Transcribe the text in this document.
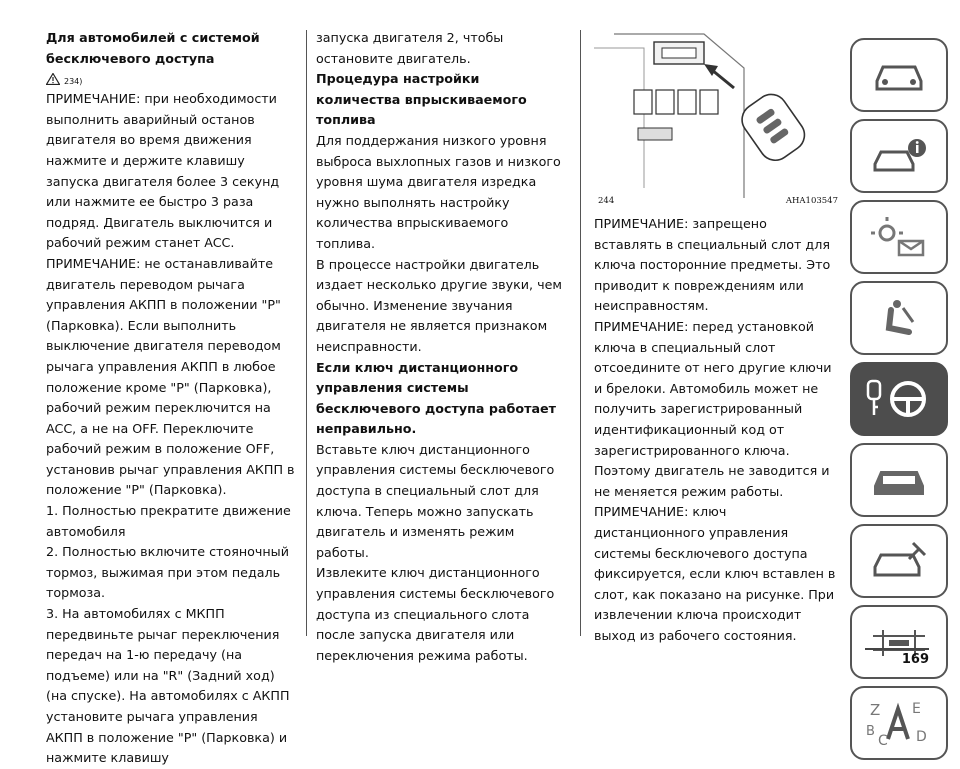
Для автомобилей с системой бесключевого доступа

234)

ПРИМЕЧАНИЕ: при необходимости выполнить аварийный останов двигателя во время движения нажмите и держите клавишу запуска двигателя более 3 секунд или нажмите ее быстро 3 раза подряд. Двигатель выключится и рабочий режим станет ACC.

ПРИМЕЧАНИЕ: не останавливайте двигатель переводом рычага управления АКПП в положении "P" (Парковка). Если выполнить выключение двигателя переводом рычага управления АКПП в любое положение кроме "P" (Парковка), рабочий режим переключится на ACC, а не на OFF. Переключите рабочий режим в положение OFF, установив рычаг управления АКПП в положение "P" (Парковка).

1. Полностью прекратите движение автомобиля

2. Полностью включите стояночный тормоз, выжимая при этом педаль тормоза.

3. На автомобилях с МКПП передвиньте рычаг переключения передач на 1-ю передачу (на подъеме) или на "R" (Задний ход) (на спуске). На автомобилях с АКПП установите рычага управления АКПП в положение "P" (Парковка) и нажмите клавишу

запуска двигателя 2, чтобы остановите двигатель.

Процедура настройки количества впрыскиваемого топлива

Для поддержания низкого уровня выброса выхлопных газов и низкого уровня шума двигателя изредка нужно выполнять настройку количества впрыскиваемого топлива.

В процессе настройки двигатель издает несколько другие звуки, чем обычно. Изменение звучания двигателя не является признаком неисправности.

Если ключ дистанционного управления системы бесключевого доступа работает неправильно.

Вставьте ключ дистанционного управления системы бесключевого доступа в специальный слот для ключа. Теперь можно запускать двигатель и изменять режим работы.

Извлеките ключ дистанционного управления системы бесключевого доступа из специального слота после запуска двигателя или переключения режима работы.

244	AHA103547

ПРИМЕЧАНИЕ: запрещено вставлять в специальный слот для ключа посторонние предметы. Это приводит к повреждениям или неисправностям.

ПРИМЕЧАНИЕ: перед установкой ключа в специальный слот отсоедините от него другие ключи и брелоки. Автомобиль может не получить зарегистрированный идентификационный код от зарегистрированного ключа. Поэтому двигатель не заводится и не меняется режим работы.

ПРИМЕЧАНИЕ: ключ дистанционного управления системы бесключевого доступа фиксируется, если ключ вставлен в слот, как показано на рисунке. При извлечении ключа происходит выход из рабочего состояния.

Z E
B
C D
169
